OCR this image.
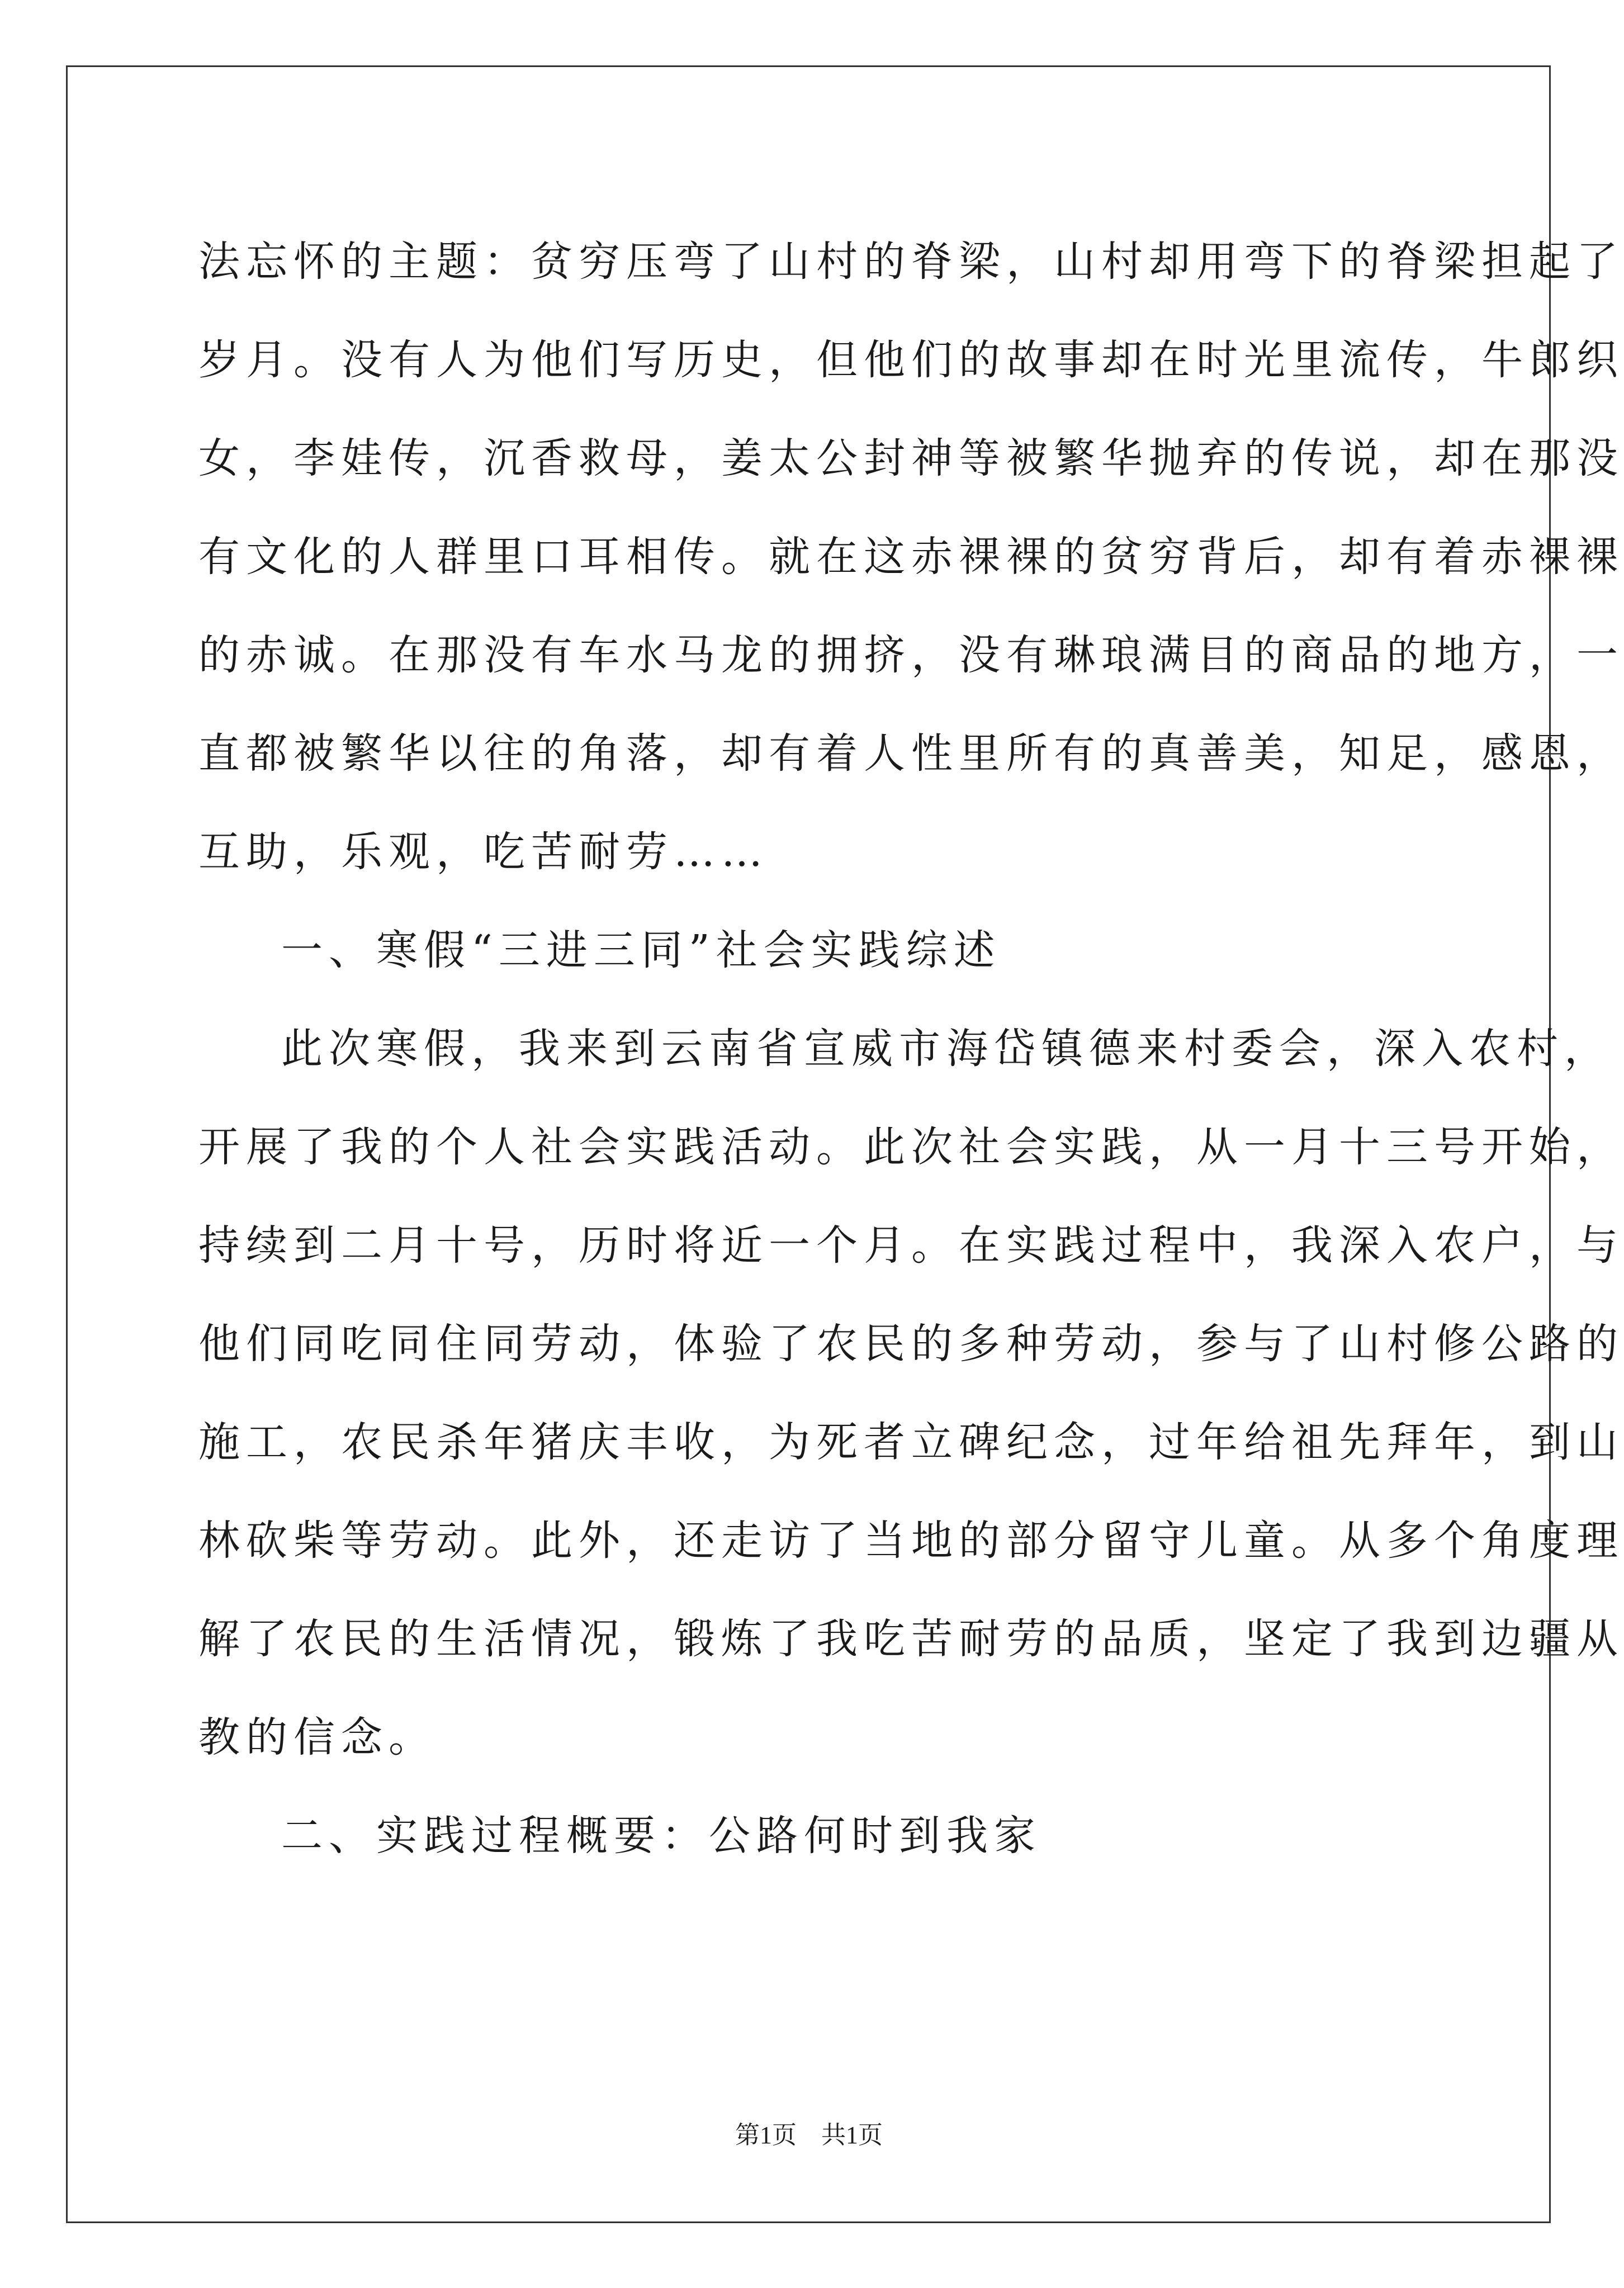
法忘怀的主题：贫穷压弯了山村的脊梁，山村却用弯下的脊梁担起了
岁月。没有人为他们写历史，但他们的故事却在时光里流传，牛郎织
女，李娃传，沉香救母，姜太公封神等被繁华抛弃的传说，却在那没
有文化的人群里口耳相传。就在这赤裸裸的贫穷背后，却有着赤裸裸
的赤诚。在那没有车水马龙的拥挤，没有琳琅满目的商品的地方，一
直都被繁华以往的角落，却有着人性里所有的真善美，知足，感恩，
互助，乐观，吃苦耐劳……
一、寒假“三进三同”社会实践综述
此次寒假，我来到云南省宣威市海岱镇德来村委会，深入农村，
开展了我的个人社会实践活动。此次社会实践，从一月十三号开始，
持续到二月十号，历时将近一个月。在实践过程中，我深入农户，与
他们同吃同住同劳动，体验了农民的多种劳动，参与了山村修公路的
施工，农民杀年猪庆丰收，为死者立碑纪念，过年给祖先拜年，到山
林砍柴等劳动。此外，还走访了当地的部分留守儿童。从多个角度理
解了农民的生活情况，锻炼了我吃苦耐劳的品质，坚定了我到边疆从
教的信念。
二、实践过程概要：公路何时到我家
第1页　共1页
